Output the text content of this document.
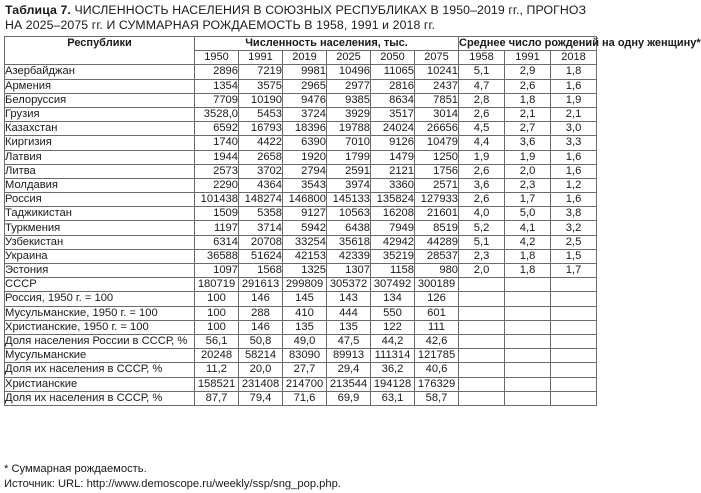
Таблица 7. ЧИСЛЕННОСТЬ НАСЕЛЕНИЯ В СОЮЗНЫХ РЕСПУБЛИКАХ В 1950–2019 гг., ПРОГНОЗ НА 2025–2075 гг. И СУММАРНАЯ РОЖДАЕМОСТЬ В 1958, 1991 и 2018 гг.
Республики	Численность населения, тыс.						Среднее число рождений на одну женщину*		
	1950	1991	2019	2025	2050	2075	1958	1991	2018
Азербайджан	2896	7219	9981	10496	11065	10241	5,1	2,9	1,8
Армения	1354	3575	2965	2977	2816	2437	4,7	2,6	1,6
Белоруссия	7709	10190	9476	9385	8634	7851	2,8	1,8	1,9
Грузия	3528,0	5453	3724	3929	3517	3014	2,6	2,1	2,1
Казахстан	6592	16793	18396	19788	24024	26656	4,5	2,7	3,0
Киргизия	1740	4422	6390	7010	9126	10479	4,4	3,6	3,3
Латвия	1944	2658	1920	1799	1479	1250	1,9	1,9	1,6
Литва	2573	3702	2794	2591	2121	1756	2,6	2,0	1,6
Молдавия	2290	4364	3543	3974	3360	2571	3,6	2,3	1,2
Россия	101438	148274	146800	145133	135824	127933	2,6	1,7	1,6
Таджикистан	1509	5358	9127	10563	16208	21601	4,0	5,0	3,8
Туркмения	1197	3714	5942	6438	7949	8519	5,2	4,1	3,2
Узбекистан	6314	20708	33254	35618	42942	44289	5,1	4,2	2,5
Украина	36588	51624	42153	42339	35219	28537	2,3	1,8	1,5
Эстония	1097	1568	1325	1307	1158	980	2,0	1,8	1,7
СССР	180719	291613	299809	305372	307492	300189			
Россия, 1950 г. = 100	100	146	145	143	134	126			
Мусульманские, 1950 г. = 100	100	288	410	444	550	601			
Христианские, 1950 г. = 100	100	146	135	135	122	111			
Доля населения России в СССР, %	56,1	50,8	49,0	47,5	44,2	42,6			
Мусульманские	20248	58214	83090	89913	111314	121785			
Доля их населения в СССР, %	11,2	20,0	27,7	29,4	36,2	40,6			
Христианские	158521	231408	214700	213544	194128	176329			
Доля их населения в СССР, %	87,7	79,4	71,6	69,9	63,1	58,7			
* Суммарная рождаемость.
Источник: URL: http://www.demoscope.ru/weekly/ssp/sng_pop.php.
